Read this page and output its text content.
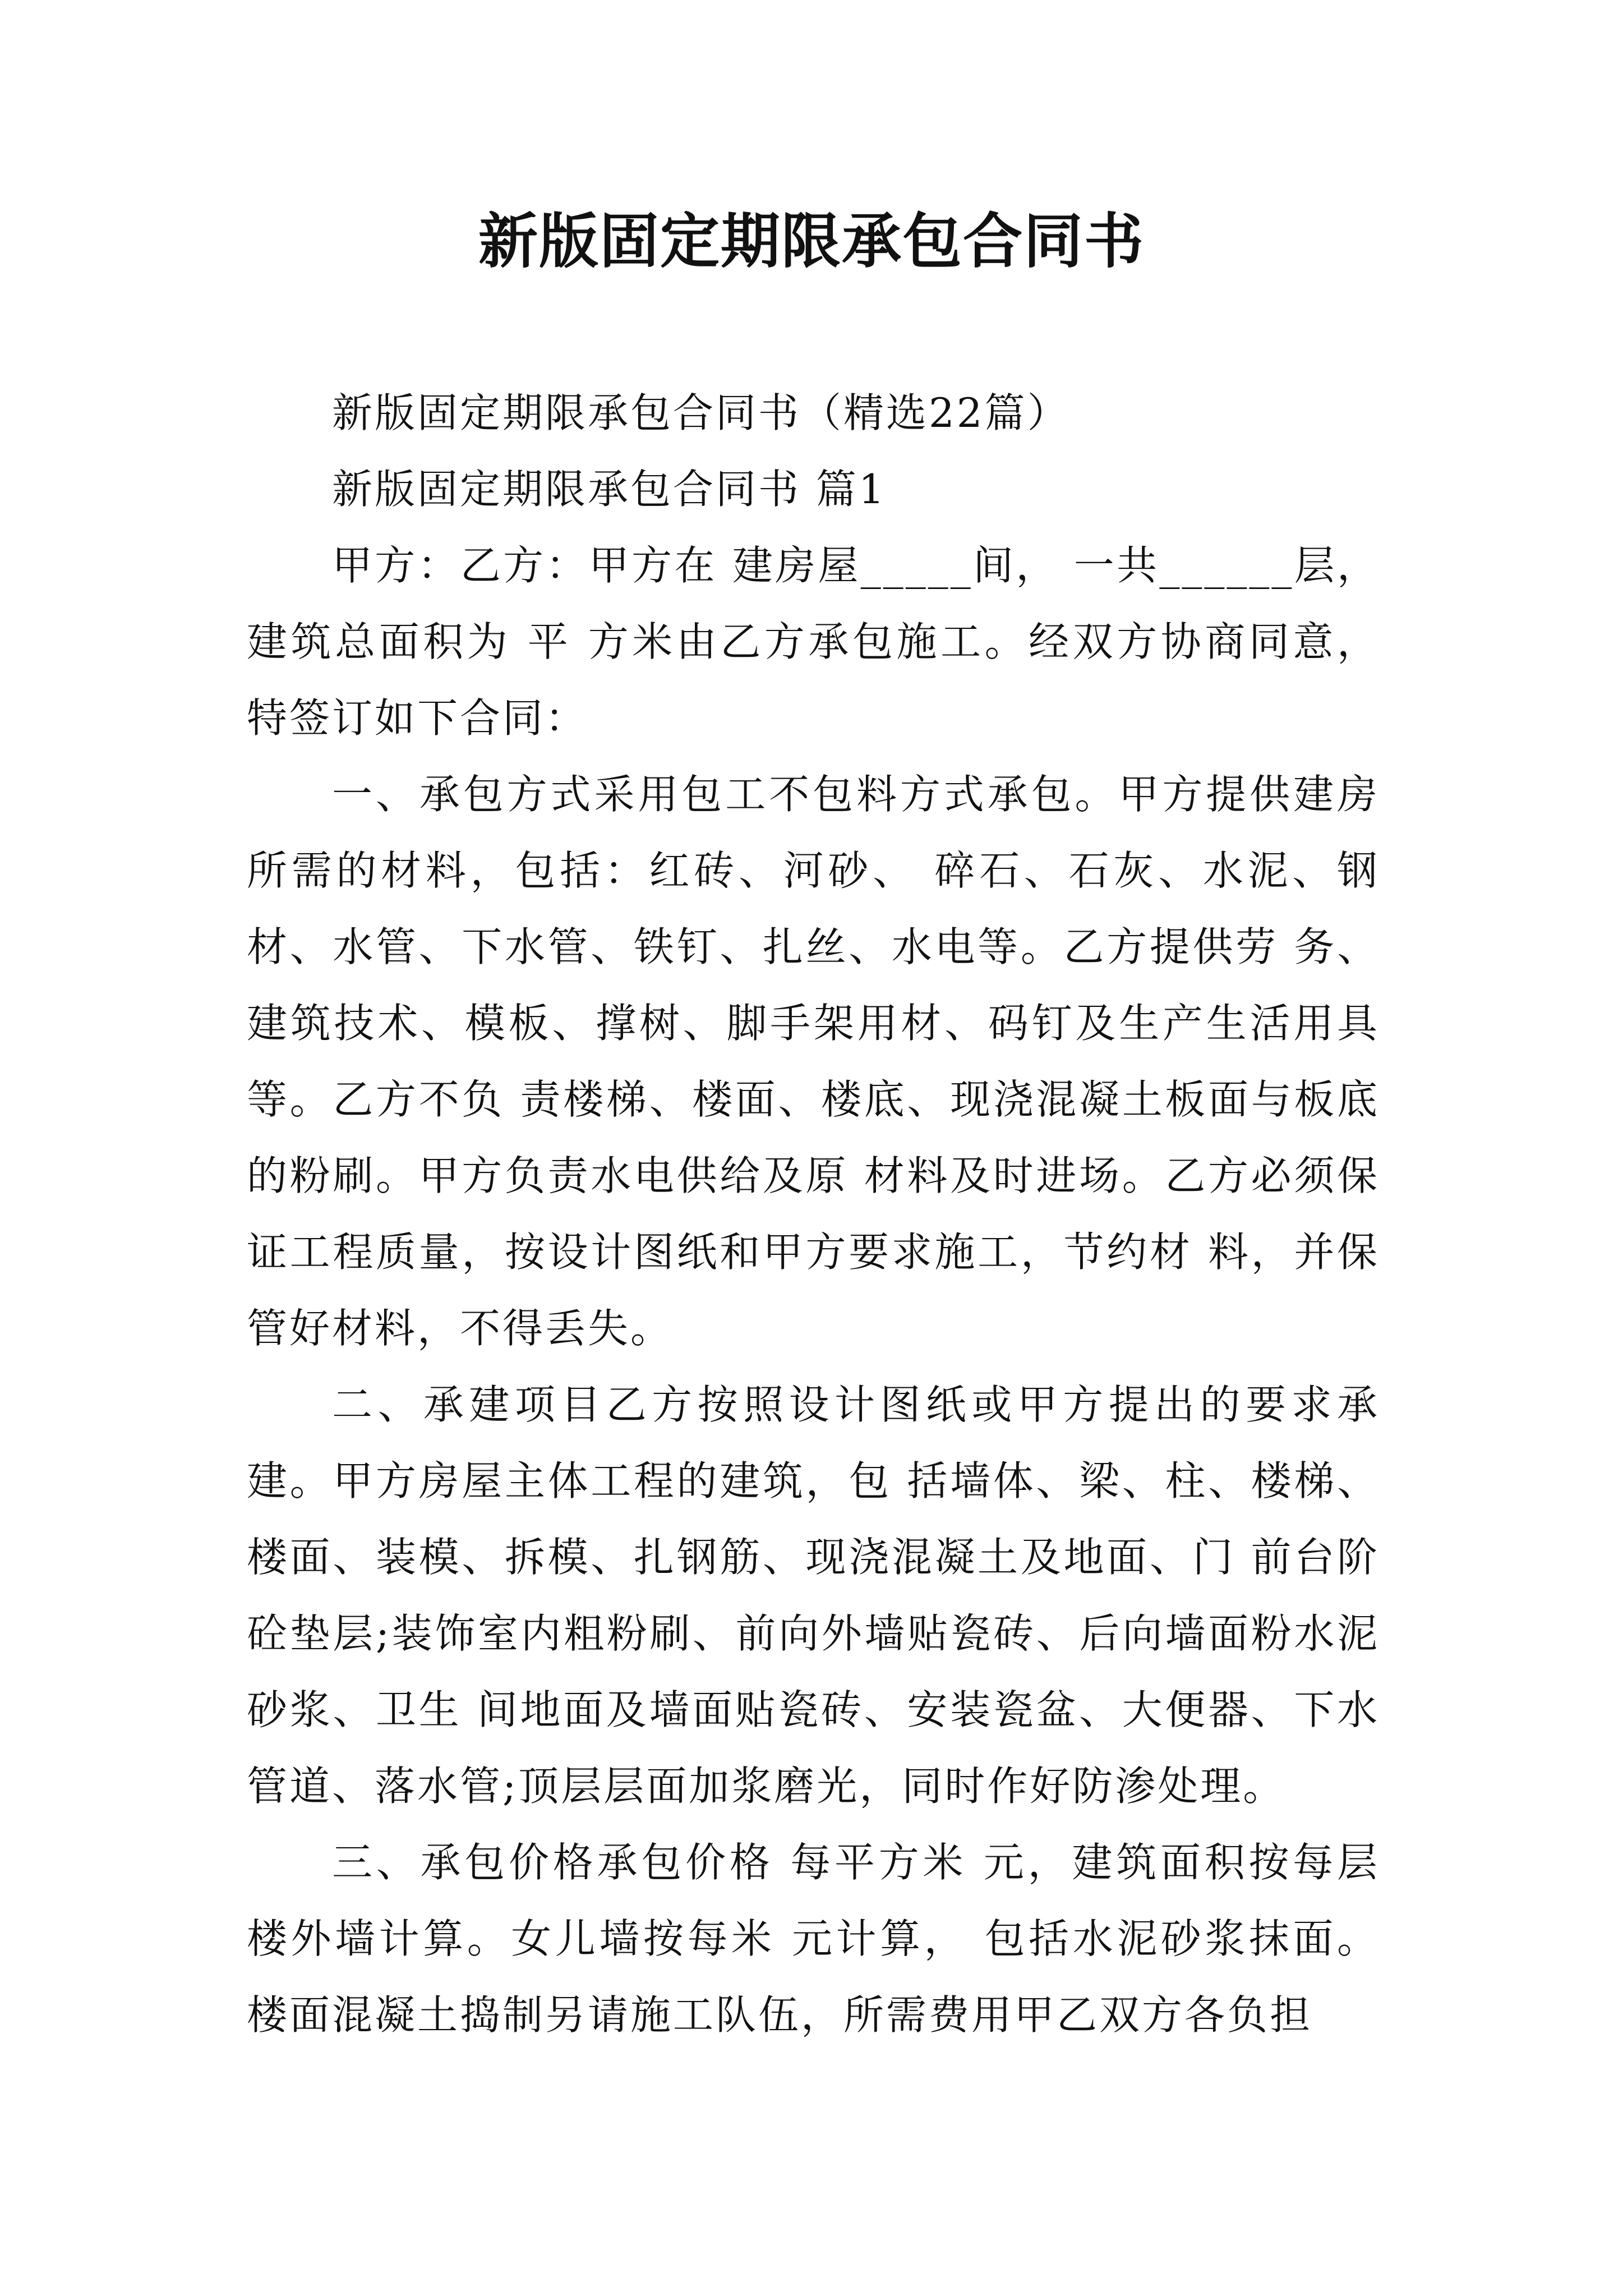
新版固定期限承包合同书

新版固定期限承包合同书（精选22篇）

新版固定期限承包合同书 篇1

甲方：乙方：甲方在 建房屋_____间， 一共______层，建筑总面积为 平 方米由乙方承包施工。经双方协商同意，特签订如下合同：

一、承包方式采用包工不包料方式承包。甲方提供建房所需的材料，包括：红砖、河砂、 碎石、石灰、水泥、钢材、水管、下水管、铁钉、扎丝、水电等。乙方提供劳 务、建筑技术、模板、撑树、脚手架用材、码钉及生产生活用具等。乙方不负 责楼梯、楼面、楼底、现浇混凝土板面与板底的粉刷。甲方负责水电供给及原 材料及时进场。乙方必须保证工程质量，按设计图纸和甲方要求施工，节约材 料，并保管好材料，不得丢失。

二、承建项目乙方按照设计图纸或甲方提出的要求承建。甲方房屋主体工程的建筑，包 括墙体、梁、柱、楼梯、楼面、装模、拆模、扎钢筋、现浇混凝土及地面、门 前台阶砼垫层;装饰室内粗粉刷、前向外墙贴瓷砖、后向墙面粉水泥砂浆、卫生 间地面及墙面贴瓷砖、安装瓷盆、大便器、下水管道、落水管;顶层层面加浆磨光，同时作好防渗处理。

三、承包价格承包价格 每平方米 元，建筑面积按每层楼外墙计算。女儿墙按每米 元计算， 包括水泥砂浆抹面。楼面混凝土捣制另请施工队伍，所需费用甲乙双方各负担
